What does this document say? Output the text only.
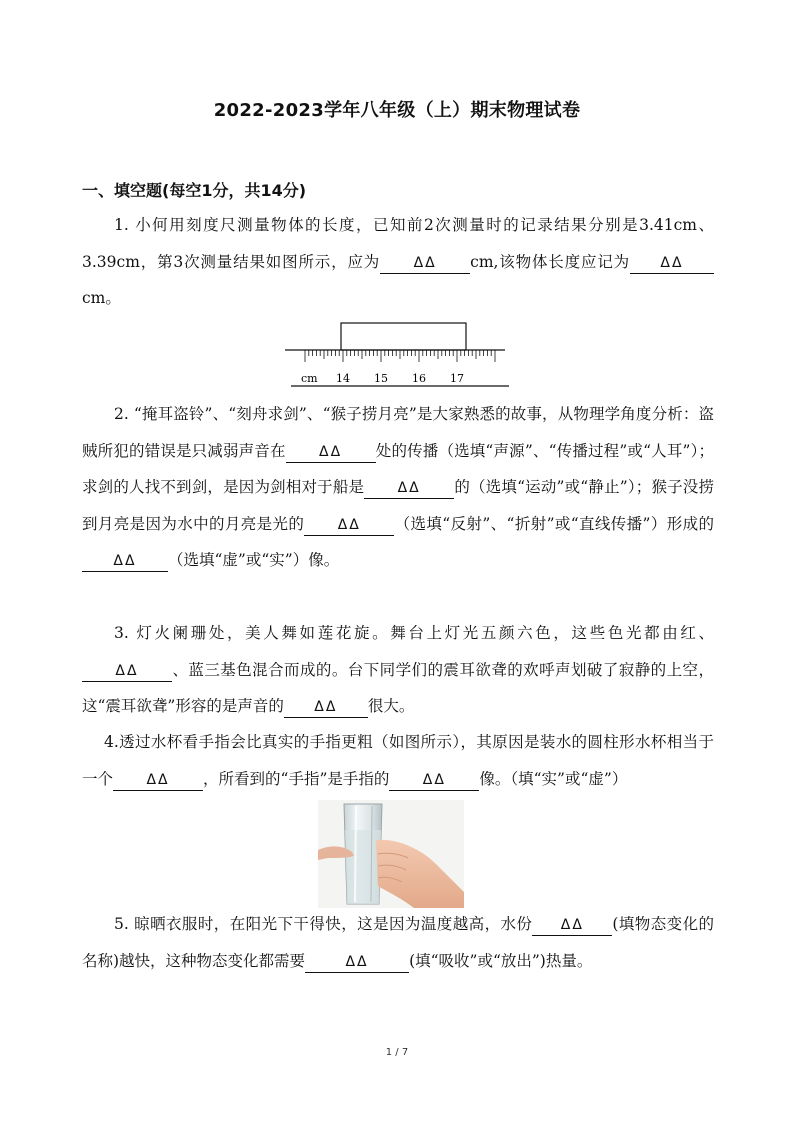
2022-2023学年八年级（上）期末物理试卷
一、填空题(每空1分，共14分)
1. 小何用刻度尺测量物体的长度，已知前2次测量时的记录结果分别是3.41cm、3.39cm，第3次测量结果如图所示，应为 ΔΔ cm,该物体长度应记为 ΔΔcm。
cm 14 15 16 17
2. “掩耳盗铃”、“刻舟求剑”、“猴子捞月亮”是大家熟悉的故事，从物理学角度分析：盗贼所犯的错误是只减弱声音在 ΔΔ 处的传播（选填“声源”、“传播过程”或“人耳”）；求剑的人找不到剑，是因为剑相对于船是 ΔΔ 的（选填“运动”或“静止”）；猴子没捞到月亮是因为水中的月亮是光的 ΔΔ （选填“反射”、“折射”或“直线传播”）形成的ΔΔ （选填“虚”或“实”）像。
3. 灯火阑珊处，美人舞如莲花旋。舞台上灯光五颜六色，这些色光都由红、ΔΔ 、蓝三基色混合而成的。台下同学们的震耳欲聋的欢呼声划破了寂静的上空，这“震耳欲聋”形容的是声音的 ΔΔ 很大。
4.透过水杯看手指会比真实的手指更粗（如图所示），其原因是装水的圆柱形水杯相当于一个 ΔΔ ，所看到的“手指”是手指的 ΔΔ 像。（填“实”或“虚”）
5. 晾晒衣服时，在阳光下干得快，这是因为温度越高，水份 ΔΔ (填物态变化的名称)越快，这种物态变化都需要	ΔΔ	(填“吸收”或“放出”)热量。
1 / 7
